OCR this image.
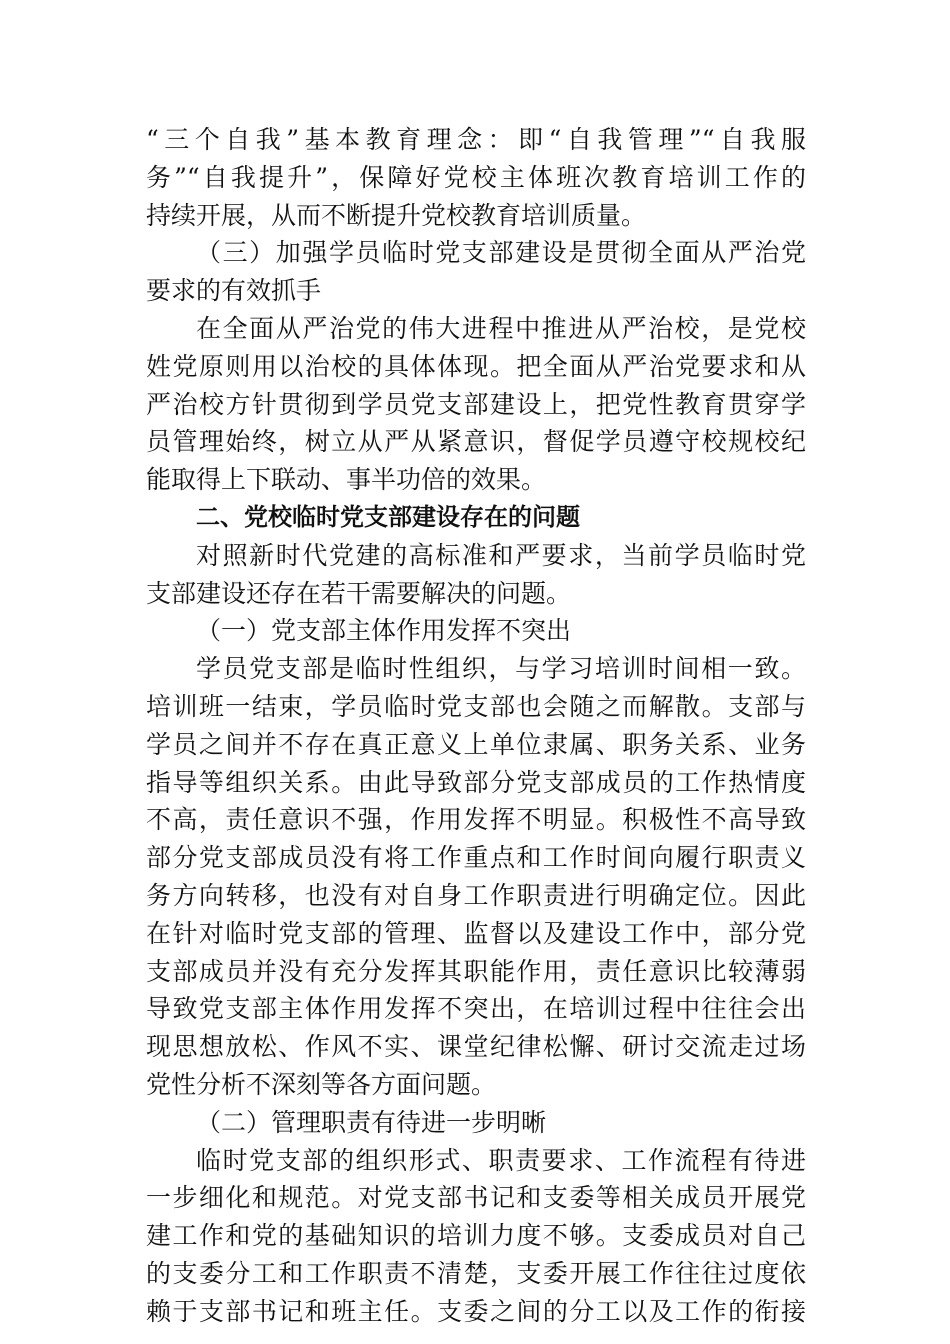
“三个自我”基本教育理念：即“自我管理”“自我服
务”“自我提升”，保障好党校主体班次教育培训工作的
持续开展，从而不断提升党校教育培训质量。
（三）加强学员临时党支部建设是贯彻全面从严治党
要求的有效抓手
在全面从严治党的伟大进程中推进从严治校，是党校
姓党原则用以治校的具体体现。把全面从严治党要求和从
严治校方针贯彻到学员党支部建设上，把党性教育贯穿学
员管理始终，树立从严从紧意识，督促学员遵守校规校纪
能取得上下联动、事半功倍的效果。
二、党校临时党支部建设存在的问题
对照新时代党建的高标准和严要求，当前学员临时党
支部建设还存在若干需要解决的问题。
（一）党支部主体作用发挥不突出
学员党支部是临时性组织，与学习培训时间相一致。
培训班一结束，学员临时党支部也会随之而解散。支部与
学员之间并不存在真正意义上单位隶属、职务关系、业务
指导等组织关系。由此导致部分党支部成员的工作热情度
不高，责任意识不强，作用发挥不明显。积极性不高导致
部分党支部成员没有将工作重点和工作时间向履行职责义
务方向转移，也没有对自身工作职责进行明确定位。因此
在针对临时党支部的管理、监督以及建设工作中，部分党
支部成员并没有充分发挥其职能作用，责任意识比较薄弱
导致党支部主体作用发挥不突出，在培训过程中往往会出
现思想放松、作风不实、课堂纪律松懈、研讨交流走过场
党性分析不深刻等各方面问题。
（二）管理职责有待进一步明晰
临时党支部的组织形式、职责要求、工作流程有待进
一步细化和规范。对党支部书记和支委等相关成员开展党
建工作和党的基础知识的培训力度不够。支委成员对自己
的支委分工和工作职责不清楚，支委开展工作往往过度依
赖于支部书记和班主任。支委之间的分工以及工作的衔接
